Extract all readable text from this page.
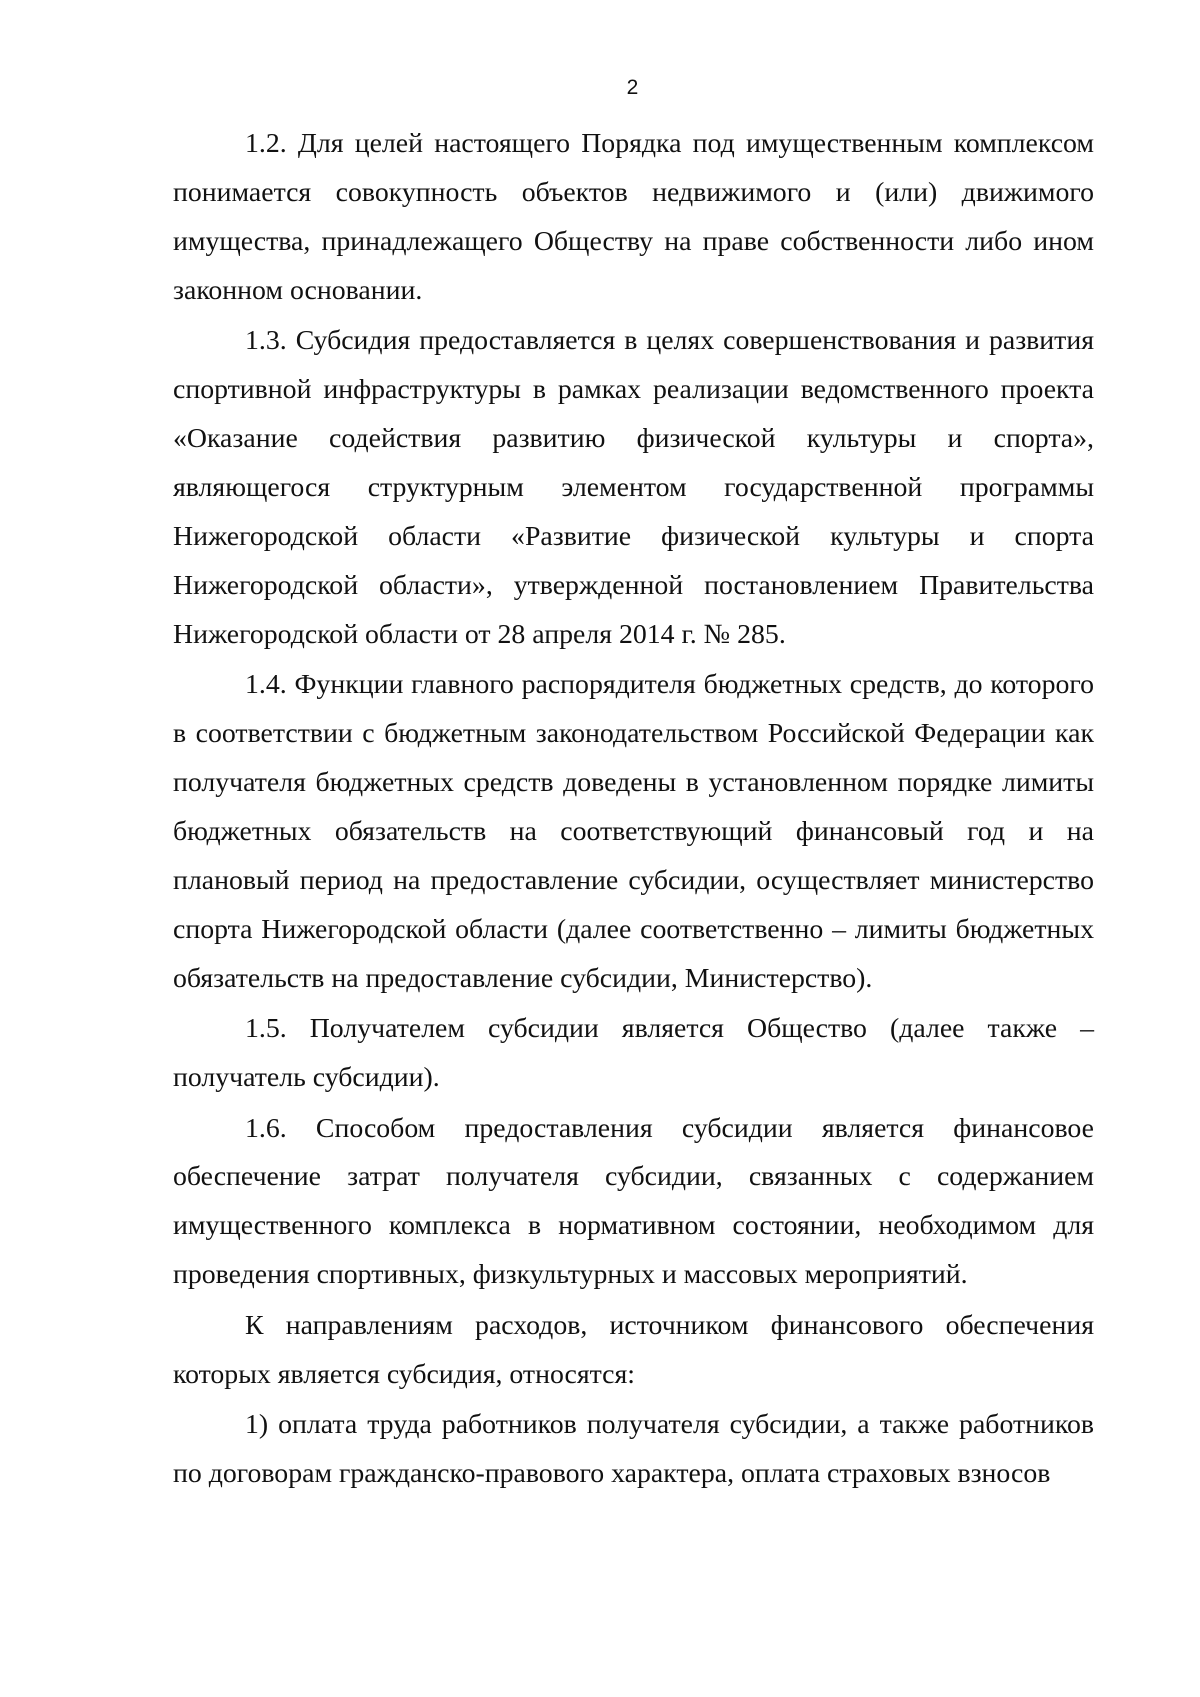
2

1.2. Для целей настоящего Порядка под имущественным комплексом понимается совокупность объектов недвижимого и (или) движимого имущества, принадлежащего Обществу на праве собственности либо ином законном основании.

1.3. Субсидия предоставляется в целях совершенствования и развития спортивной инфраструктуры в рамках реализации ведомственного проекта «Оказание содействия развитию физической культуры и спорта», являющегося структурным элементом государственной программы Нижегородской области «Развитие физической культуры и спорта Нижегородской области», утвержденной постановлением Правительства Нижегородской области от 28 апреля 2014 г. № 285.

1.4. Функции главного распорядителя бюджетных средств, до которого в соответствии с бюджетным законодательством Российской Федерации как получателя бюджетных средств доведены в установленном порядке лимиты бюджетных обязательств на соответствующий финансовый год и на плановый период на предоставление субсидии, осуществляет министерство спорта Нижегородской области (далее соответственно – лимиты бюджетных обязательств на предоставление субсидии, Министерство).

1.5. Получателем субсидии является Общество (далее также – получатель субсидии).

1.6. Способом предоставления субсидии является финансовое обеспечение затрат получателя субсидии, связанных с содержанием имущественного комплекса в нормативном состоянии, необходимом для проведения спортивных, физкультурных и массовых мероприятий.

К направлениям расходов, источником финансового обеспечения которых является субсидия, относятся:

1) оплата труда работников получателя субсидии, а также работников по договорам гражданско-правового характера, оплата страховых взносов
